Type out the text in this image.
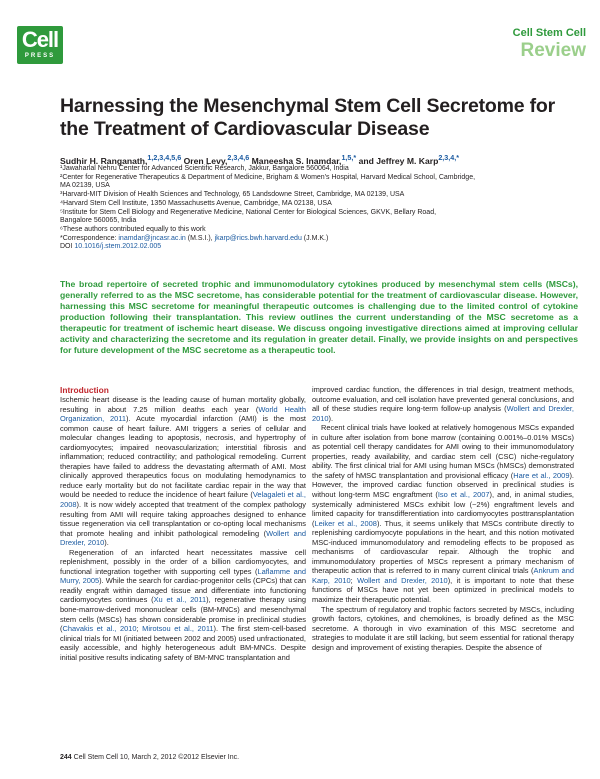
Cell
PRESS
Cell Stem Cell
Review
Harnessing the Mesenchymal Stem Cell Secretome for the Treatment of Cardiovascular Disease
Sudhir H. Ranganath,$^{1,2,3,4,5,6}$ Oren Levy,$^{2,3,4,6}$ Maneesha S. Inamdar,$^{1,5,*}$ and Jeffrey M. Karp$^{2,3,4,*}$
¹Jawaharlal Nehru Center for Advanced Scientific Research, Jakkur, Bangalore 560064, India
²Center for Regenerative Therapeutics & Department of Medicine, Brigham & Women's Hospital, Harvard Medical School, Cambridge,
MA 02139, USA
³Harvard-MIT Division of Health Sciences and Technology, 65 Landsdowne Street, Cambridge, MA 02139, USA
⁴Harvard Stem Cell Institute, 1350 Massachusetts Avenue, Cambridge, MA 02138, USA
⁵Institute for Stem Cell Biology and Regenerative Medicine, National Center for Biological Sciences, GKVK, Bellary Road,
Bangalore 560065, India
⁶These authors contributed equally to this work
*Correspondence: inamdar@jncasr.ac.in (M.S.I.), jkarp@rics.bwh.harvard.edu (J.M.K.)
DOI 10.1016/j.stem.2012.02.005
The broad repertoire of secreted trophic and immunomodulatory cytokines produced by mesenchymal stem cells (MSCs), generally referred to as the MSC secretome, has considerable potential for the treatment of cardiovascular disease. However, harnessing this MSC secretome for meaningful therapeutic outcomes is challenging due to the limited control of cytokine production following their transplantation. This review outlines the current understanding of the MSC secretome as a therapeutic for treatment of ischemic heart disease. We discuss ongoing investigative directions aimed at improving cellular activity and characterizing the secretome and its regulation in greater detail. Finally, we provide insights on and perspectives for future development of the MSC secretome as a therapeutic tool.
Introduction

Ischemic heart disease is the leading cause of human mortality globally, resulting in about 7.25 million deaths each year (World Health Organization, 2011). Acute myocardial infarction (AMI) is the most common cause of heart failure. AMI triggers a series of cellular and molecular changes leading to apoptosis, necrosis, and hypertrophy of cardiomyocytes; impaired neovascularization; interstitial fibrosis and inflammation; reduced contractility; and pathological remodeling. Current therapies have failed to address the devastating aftermath of AMI. Most clinically approved therapeutics focus on modulating hemodynamics to reduce early mortality but do not facilitate cardiac repair in the way that would be needed to reduce the incidence of heart failure (Velagaleti et al., 2008). It is now widely accepted that treatment of the complex pathology resulting from AMI will require taking approaches designed to enhance tissue regeneration via cell transplantation or co-opting local mechanisms that promote healing and inhibit pathological remodeling (Wollert and Drexler, 2010).

Regeneration of an infarcted heart necessitates massive cell replenishment, possibly in the order of a billion cardiomyocytes, and functional integration together with supporting cell types (Laflamme and Murry, 2005). While the search for cardiac-progenitor cells (CPCs) that can readily engraft within damaged tissue and differentiate into functioning cardiomyocytes continues (Xu et al., 2011), regenerative therapy using bone-marrow-derived mononuclear cells (BM-MNCs) and mesenchymal stem cells (MSCs) has shown considerable promise in preclinical studies (Chavakis et al., 2010; Mirotsou et al., 2011). The first stem-cell-based clinical trials for MI (initiated between 2002 and 2005) used unfractionated, easily accessible, and highly heterogeneous adult BM-MNCs. Despite initial positive results indicating safety of BM-MNC transplantation and

improved cardiac function, the differences in trial design, treatment methods, outcome evaluation, and cell isolation have prevented general conclusions, and all of these studies require long-term follow-up analysis (Wollert and Drexler, 2010).

Recent clinical trials have looked at relatively homogenous MSCs expanded in culture after isolation from bone marrow (containing 0.001%–0.01% MSCs) as potential cell therapy candidates for AMI owing to their immunomodulatory properties, ready availability, and cardiac stem cell (CSC) niche-regulatory ability. The first clinical trial for AMI using human MSCs (hMSCs) demonstrated the safety of hMSC transplantation and provisional efficacy (Hare et al., 2009). However, the improved cardiac function observed in preclinical studies is without long-term MSC engraftment (Iso et al., 2007), and, in animal studies, systemically administered MSCs exhibit low (~2%) engraftment levels and limited capacity for transdifferentiation into cardiomyocytes posttransplantation (Leiker et al., 2008). Thus, it seems unlikely that MSCs contribute directly to replenishing cardiomyocyte populations in the heart, and this notion motivated MSC-induced immunomodulatory and remodeling effects to be proposed as mechanisms of cardiovascular repair. Although the trophic and immunomodulatory properties of MSCs represent a primary mechanism of therapeutic action that is referred to in many current clinical trials (Ankrum and Karp, 2010; Wollert and Drexler, 2010), it is important to note that these functions of MSCs have not yet been optimized in preclinical models to maximize their therapeutic potential.

The spectrum of regulatory and trophic factors secreted by MSCs, including growth factors, cytokines, and chemokines, is broadly defined as the MSC secretome. A thorough in vivo examination of this MSC secretome and strategies to modulate it are still lacking, but seem essential for rational therapy design and improvement of existing therapies. Despite the absence of

244 Cell Stem Cell 10, March 2, 2012 ©2012 Elsevier Inc.
